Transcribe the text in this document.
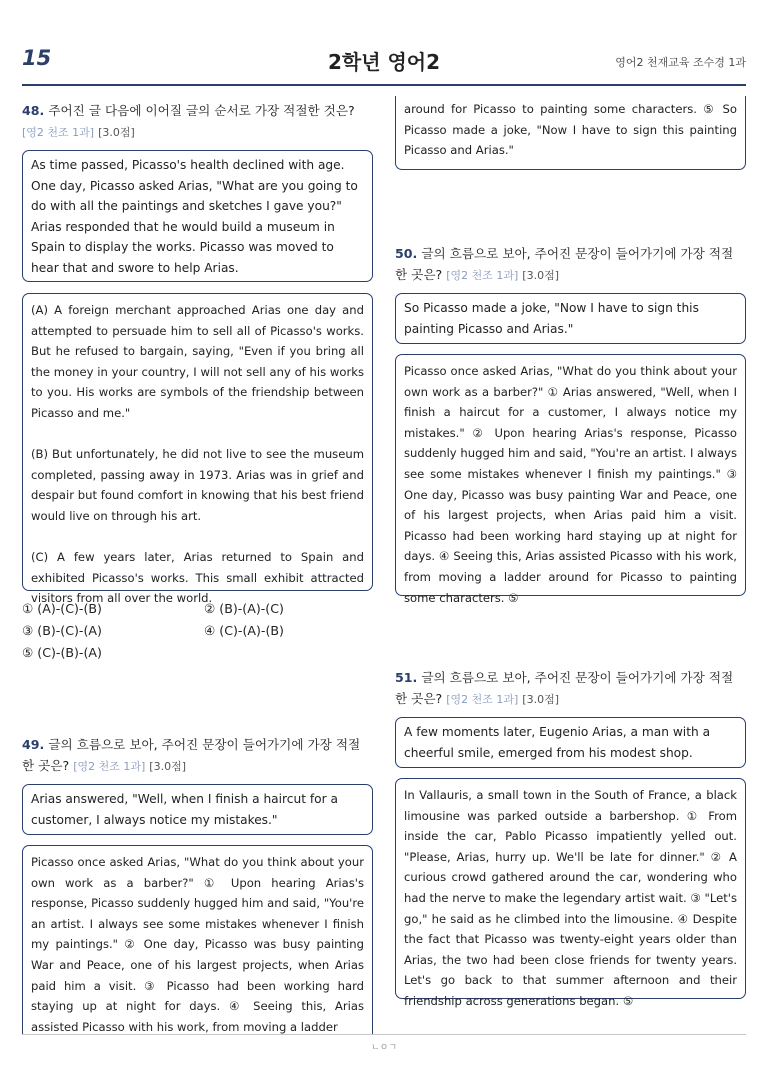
15	2학년 영어2	영어2 천재교육 조수경 1과
48. 주어진 글 다음에 이어질 글의 순서로 가장 적절한 것은? [영2 천조 1과] [3.0점]

As time passed, Picasso's health declined with age. One day, Picasso asked Arias, "What are you going to do with all the paintings and sketches I gave you?" Arias responded that he would build a museum in Spain to display the works. Picasso was moved to hear that and swore to help Arias.

(A) A foreign merchant approached Arias one day and attempted to persuade him to sell all of Picasso's works. But he refused to bargain, saying, "Even if you bring all the money in your country, I will not sell any of his works to you. His works are symbols of the friendship between Picasso and me."

(B) But unfortunately, he did not live to see the museum completed, passing away in 1973. Arias was in grief and despair but found comfort in knowing that his best friend would live on through his art.

(C) A few years later, Arias returned to Spain and exhibited Picasso's works. This small exhibit attracted visitors from all over the world.

① (A)-(C)-(B)	② (B)-(A)-(C)
③ (B)-(C)-(A)	④ (C)-(A)-(B)
⑤ (C)-(B)-(A)
49. 글의 흐름으로 보아, 주어진 문장이 들어가기에 가장 적절한 곳은? [영2 천조 1과] [3.0점]

Arias answered, "Well, when I finish a haircut for a customer, I always notice my mistakes."

Picasso once asked Arias, "What do you think about your own work as a barber?" ① Upon hearing Arias's response, Picasso suddenly hugged him and said, "You're an artist. I always see some mistakes whenever I finish my paintings." ② One day, Picasso was busy painting War and Peace, one of his largest projects, when Arias paid him a visit. ③ Picasso had been working hard staying up at night for days. ④ Seeing this, Arias assisted Picasso with his work, from moving a ladder

around for Picasso to painting some characters. ⑤ So Picasso made a joke, "Now I have to sign this painting Picasso and Arias."

50. 글의 흐름으로 보아, 주어진 문장이 들어가기에 가장 적절한 곳은? [영2 천조 1과] [3.0점]

So Picasso made a joke, "Now I have to sign this painting Picasso and Arias."

Picasso once asked Arias, "What do you think about your own work as a barber?" ① Arias answered, "Well, when I finish a haircut for a customer, I always notice my mistakes." ② Upon hearing Arias's response, Picasso suddenly hugged him and said, "You're an artist. I always see some mistakes whenever I finish my paintings." ③ One day, Picasso was busy painting War and Peace, one of his largest projects, when Arias paid him a visit. Picasso had been working hard staying up at night for days. ④ Seeing this, Arias assisted Picasso with his work, from moving a ladder around for Picasso to painting some characters. ⑤

51. 글의 흐름으로 보아, 주어진 문장이 들어가기에 가장 적절한 곳은? [영2 천조 1과] [3.0점]

A few moments later, Eugenio Arias, a man with a cheerful smile, emerged from his modest shop.

In Vallauris, a small town in the South of France, a black limousine was parked outside a barbershop. ① From inside the car, Pablo Picasso impatiently yelled out. "Please, Arias, hurry up. We'll be late for dinner." ② A curious crowd gathered around the car, wondering who had the nerve to make the legendary artist wait. ③ "Let's go," he said as he climbed into the limousine. ④ Despite the fact that Picasso was twenty-eight years older than Arias, the two had been close friends for twenty years. Let's go back to that summer afternoon and their friendship across generations began. ⑤

ㄴㅇㄱ
